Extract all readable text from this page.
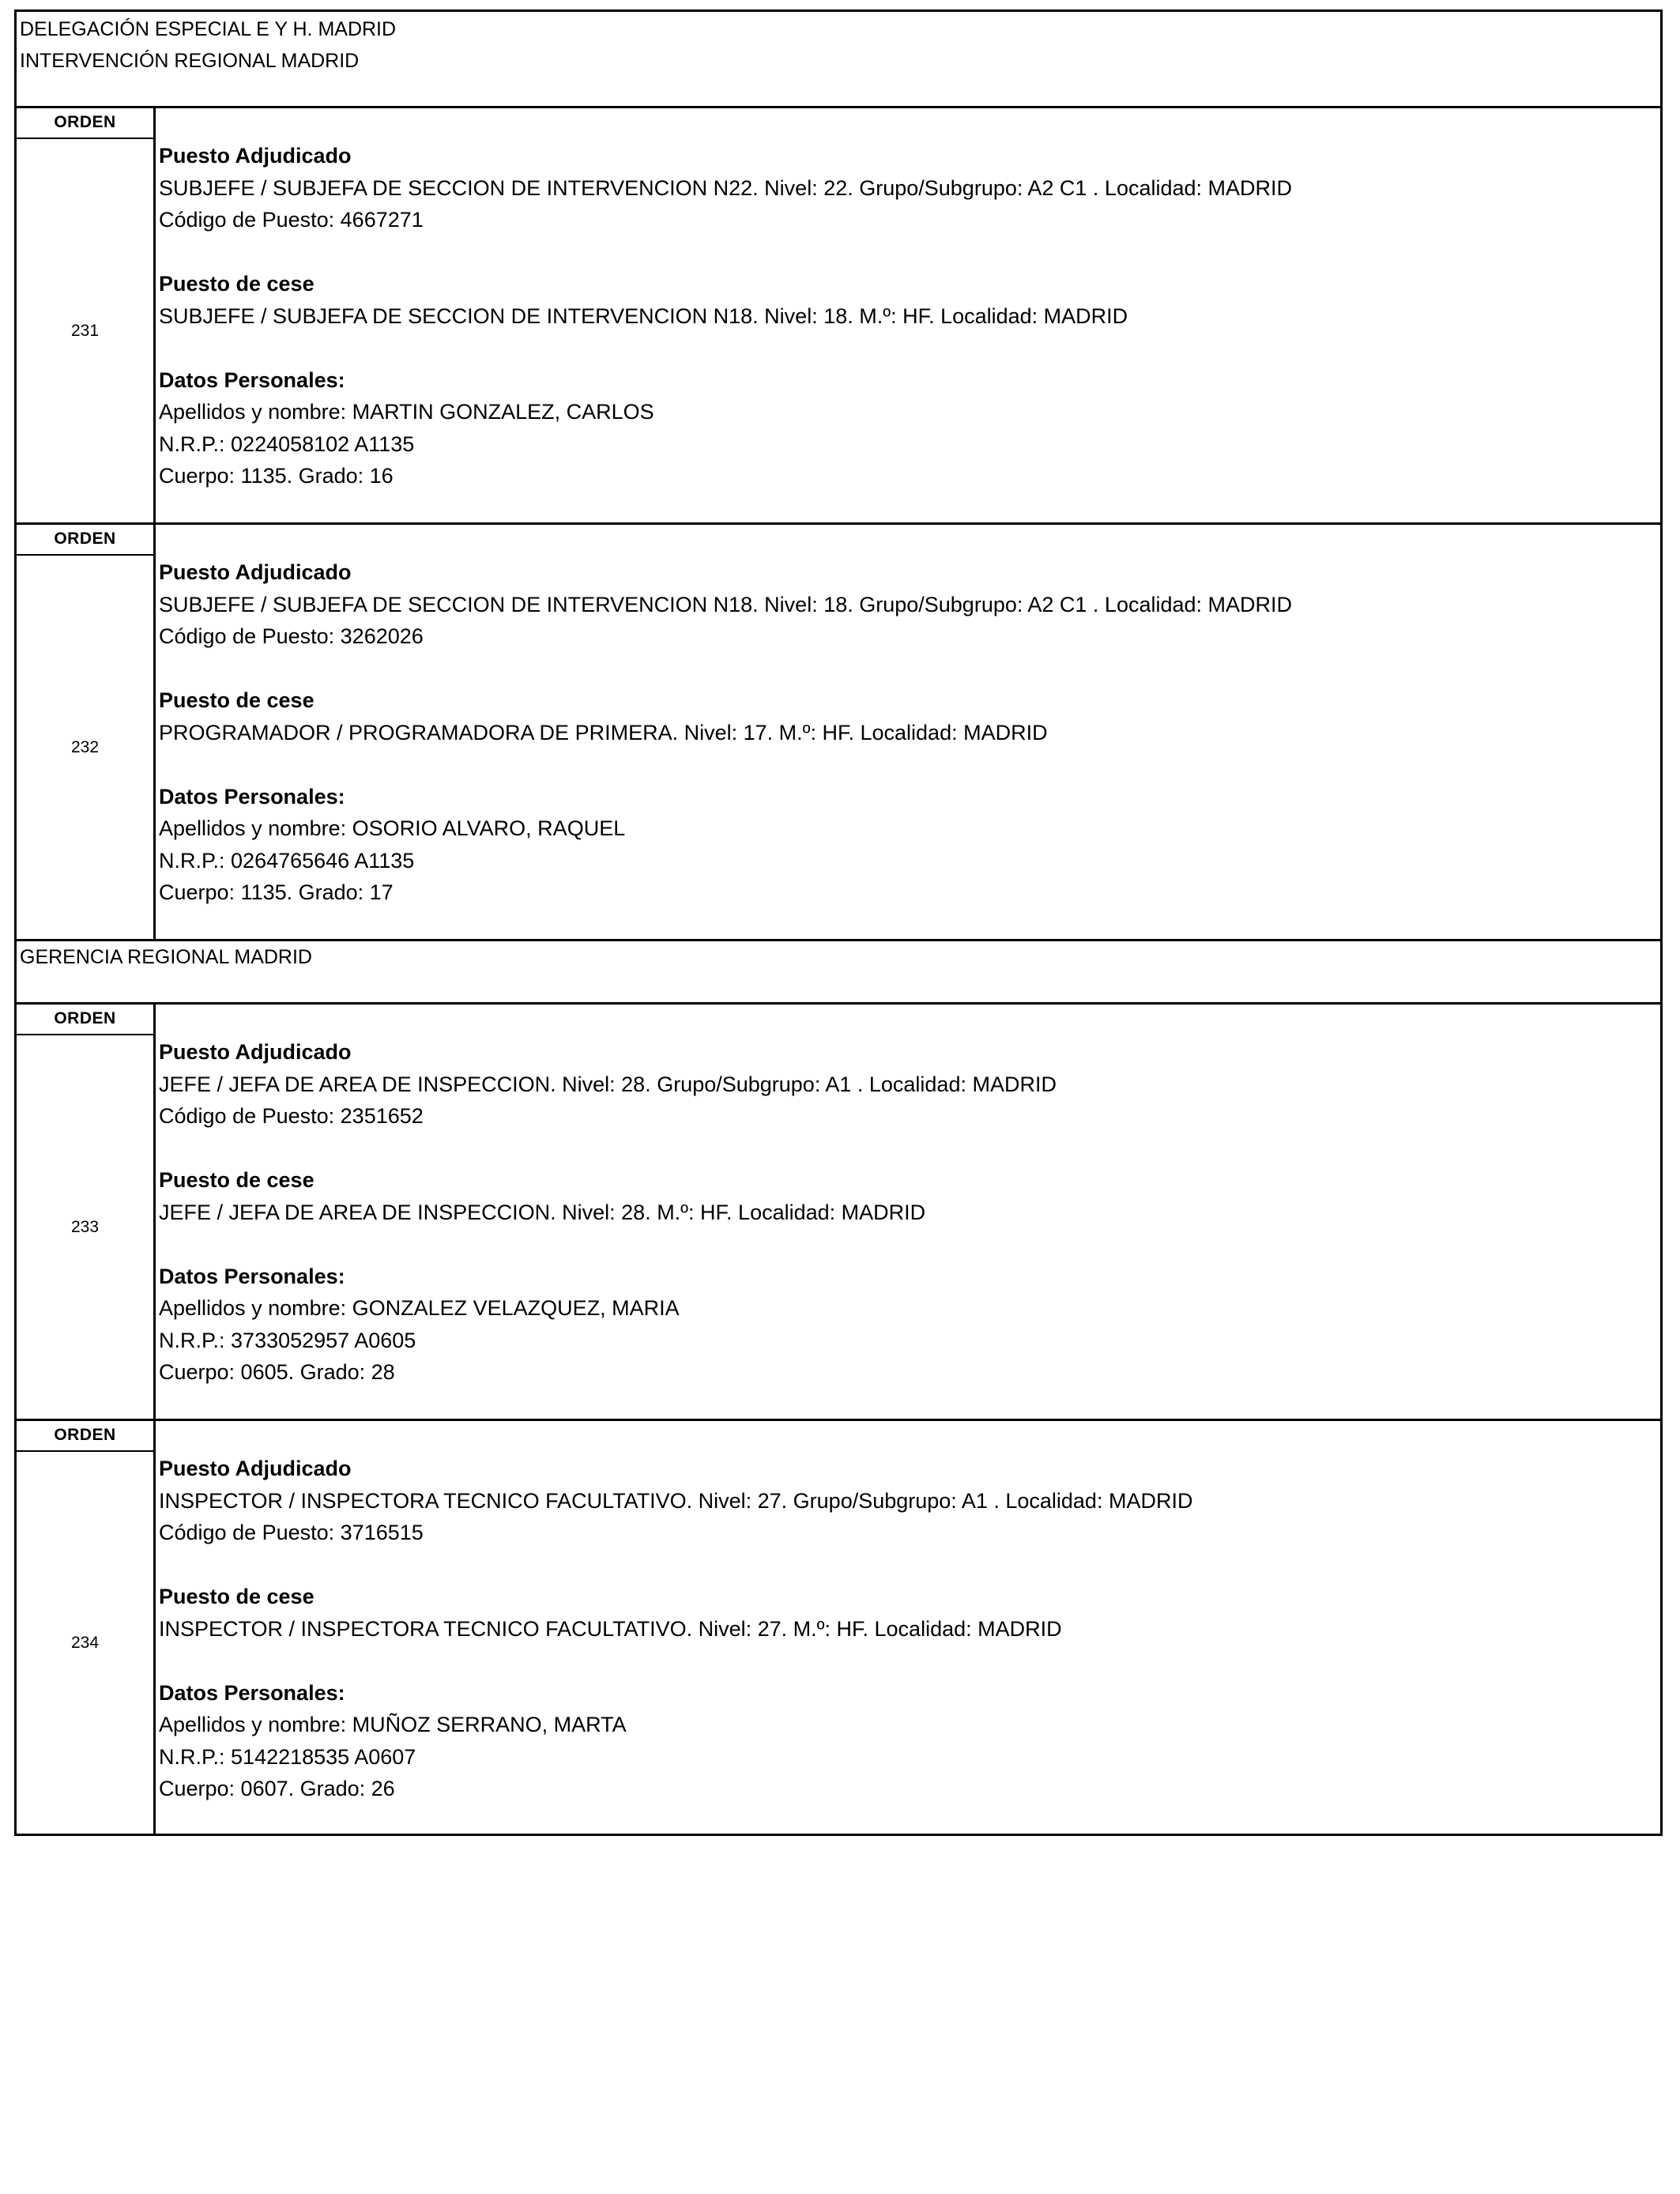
DELEGACIÓN ESPECIAL E Y H. MADRID
INTERVENCIÓN REGIONAL MADRID
ORDEN
231
Puesto Adjudicado
SUBJEFE / SUBJEFA DE SECCION DE INTERVENCION N22. Nivel: 22. Grupo/Subgrupo: A2 C1 . Localidad: MADRID
Código de Puesto: 4667271
Puesto de cese
SUBJEFE / SUBJEFA DE SECCION DE INTERVENCION N18. Nivel: 18. M.º: HF. Localidad: MADRID
Datos Personales:
Apellidos y nombre: MARTIN GONZALEZ, CARLOS
N.R.P.: 0224058102 A1135
Cuerpo: 1135. Grado: 16
ORDEN
232
Puesto Adjudicado
SUBJEFE / SUBJEFA DE SECCION DE INTERVENCION N18. Nivel: 18. Grupo/Subgrupo: A2 C1 . Localidad: MADRID
Código de Puesto: 3262026
Puesto de cese
PROGRAMADOR / PROGRAMADORA DE PRIMERA. Nivel: 17. M.º: HF. Localidad: MADRID
Datos Personales:
Apellidos y nombre: OSORIO ALVARO, RAQUEL
N.R.P.: 0264765646 A1135
Cuerpo: 1135. Grado: 17
GERENCIA REGIONAL MADRID
ORDEN
233
Puesto Adjudicado
JEFE / JEFA DE AREA DE INSPECCION. Nivel: 28. Grupo/Subgrupo: A1 . Localidad: MADRID
Código de Puesto: 2351652
Puesto de cese
JEFE / JEFA DE AREA DE INSPECCION. Nivel: 28. M.º: HF. Localidad: MADRID
Datos Personales:
Apellidos y nombre: GONZALEZ VELAZQUEZ, MARIA
N.R.P.: 3733052957 A0605
Cuerpo: 0605. Grado: 28
ORDEN
234
Puesto Adjudicado
INSPECTOR / INSPECTORA TECNICO FACULTATIVO. Nivel: 27. Grupo/Subgrupo: A1 . Localidad: MADRID
Código de Puesto: 3716515
Puesto de cese
INSPECTOR / INSPECTORA TECNICO FACULTATIVO. Nivel: 27. M.º: HF. Localidad: MADRID
Datos Personales:
Apellidos y nombre: MUÑOZ SERRANO, MARTA
N.R.P.: 5142218535 A0607
Cuerpo: 0607. Grado: 26
